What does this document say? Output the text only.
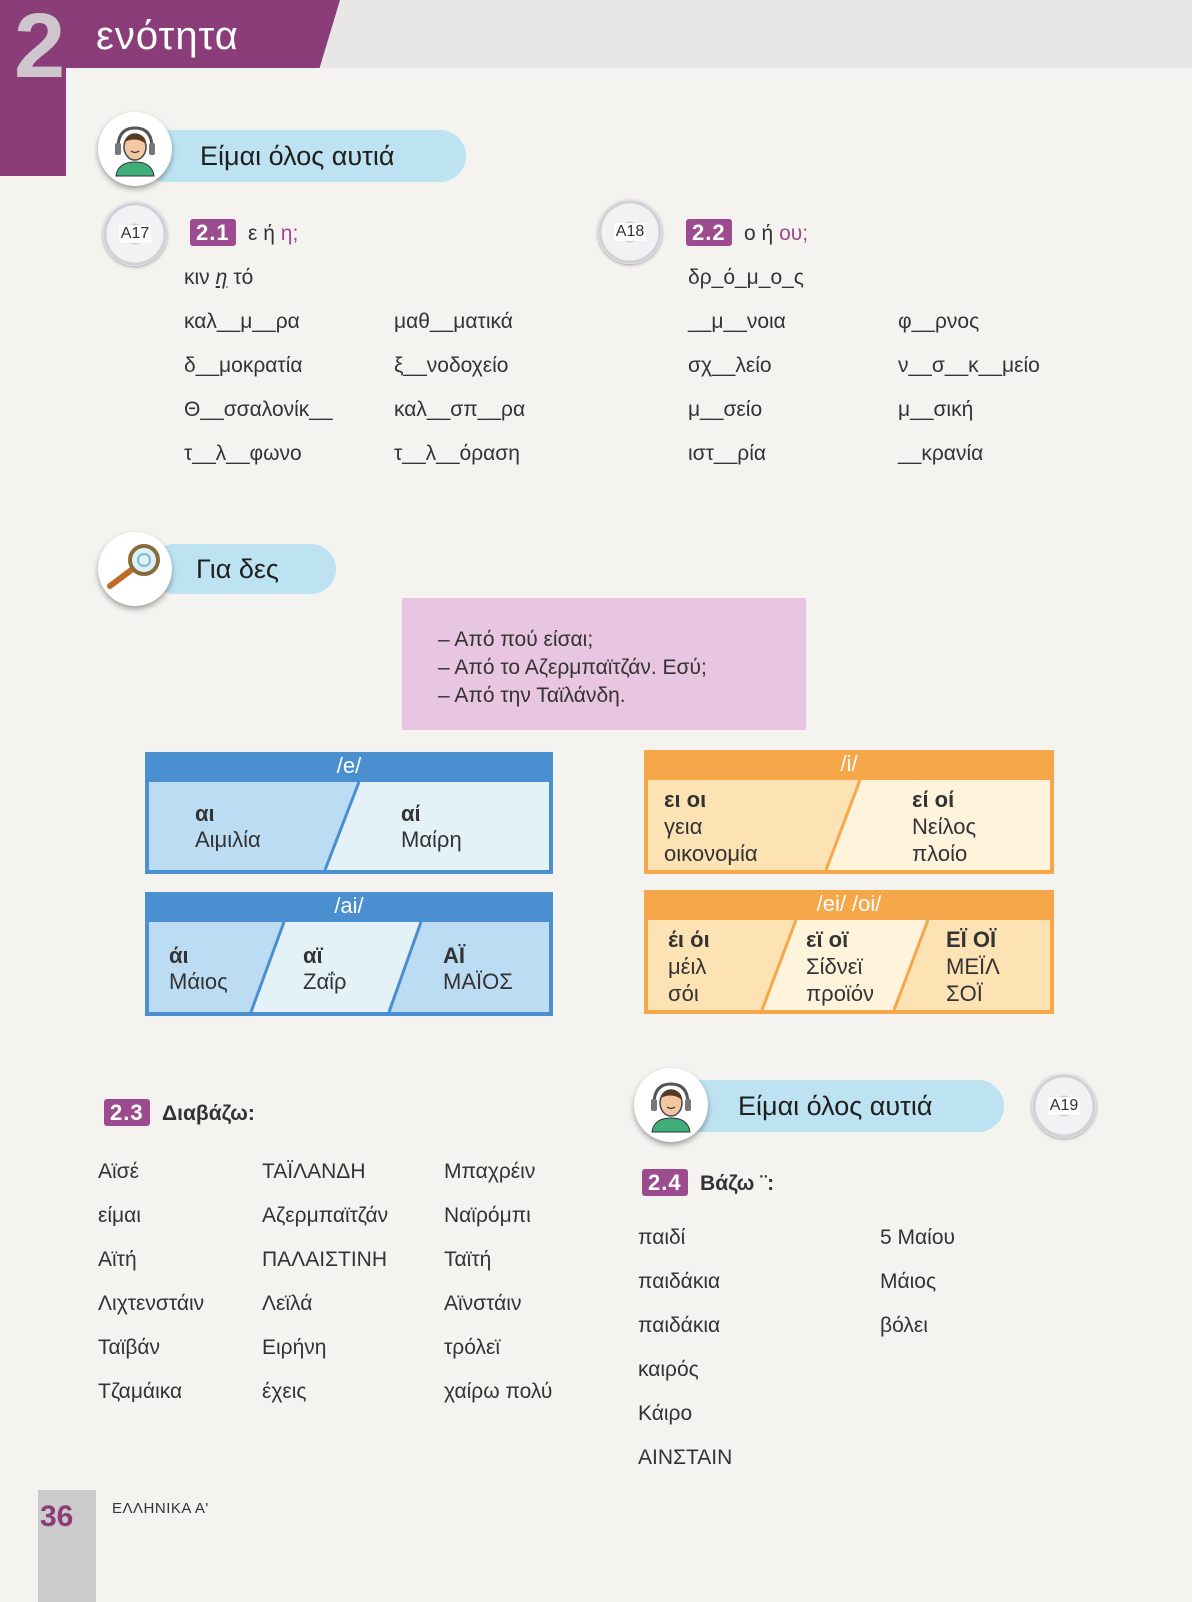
2 ενότητα
Είμαι όλος αυτιά
A17 2.1 ε ή η;
κιν η τό
καλ__μ__ρα
δ__μοκρατία
Θ__σσαλονίκ__
τ__λ__φωνο
μαθ__ματικά
ξ__νοδοχείο
καλ__σπ__ρα
τ__λ__όραση
A18 2.2 ο ή ου;
δρ_ό_μ_ο_ς
__μ__νοια
σχ__λείο
μ__σείο
ιστ__ρία
φ__ρνος
ν__σ__κ__μείο
μ__σική
__κρανία
Για δες
– Από πού είσαι;
– Από το Αζερμπαϊτζάν. Εσύ;
– Από την Ταϊλάνδη.
/e/
αι
Αιμιλία
αί
Μαίρη
/ai/
άι
Μάιος
αϊ
Ζαΐρ
ΑΪ
ΜΑΪΟΣ
/i/
ει οι
γεια
οικονομία
εί οί
Νείλος
πλοίο
/ei/ /oi/
έι όι
μέιλ
σόι
εϊ οϊ
Σίδνεϊ
προϊόν
ΕΪ ΟΪ
ΜΕΪΛ
ΣΟΪ
2.3 Διαβάζω:
Αϊσέ
είμαι
Αϊτή
Λιχτενστάιν
Ταϊβάν
Τζαμάικα
ΤΑΪΛΑΝΔΗ
Αζερμπαϊτζάν
ΠΑΛΑΙΣΤΙΝΗ
Λεϊλά
Ειρήνη
έχεις
Μπαχρέιν
Ναϊρόμπι
Ταϊτή
Αϊνστάιν
τρόλεϊ
χαίρω πολύ
Είμαι όλος αυτιά	A19
2.4 Βάζω ¨:
παιδί
παιδάκια
παιδάκια
καιρός
Κάιρο
ΑΙΝΣΤΑΙΝ
5 Μαίου
Μάιος
βόλει
36	ΕΛΛΗΝΙΚΑ Α'
